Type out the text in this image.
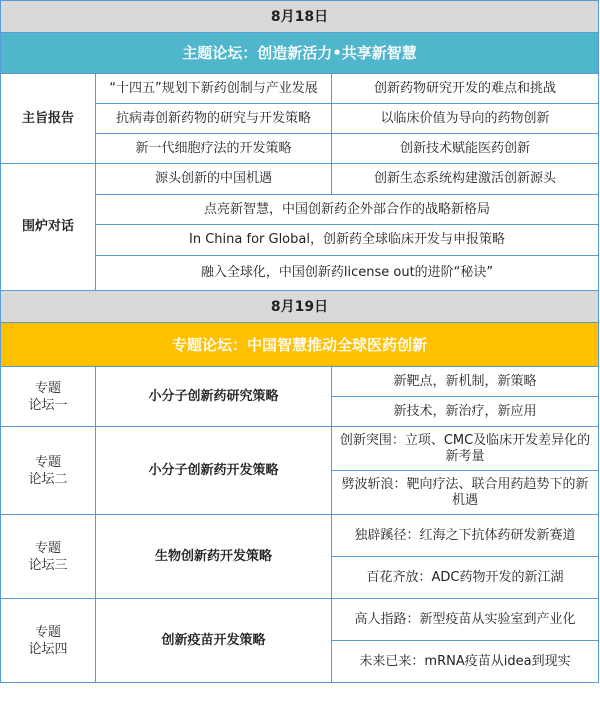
8月18日		
主题论坛：创造新活力•共享新智慧		
主旨报告	“十四五”规划下新药创制与产业发展	创新药物研究开发的难点和挑战
	抗病毒创新药物的研究与开发策略	以临床价值为导向的药物创新
	新一代细胞疗法的开发策略	创新技术赋能医药创新
围炉对话	源头创新的中国机遇	创新生态系统构建激活创新源头
	点亮新智慧，中国创新药企外部合作的战略新格局	
	In China for Global，创新药全球临床开发与申报策略	
	融入全球化，中国创新药license out的进阶“秘诀”	
8月19日		
专题论坛：中国智慧推动全球医药创新		

专题
论坛一	小分子创新药研究策略	新靶点，新机制，新策略
		新技术，新治疗，新应用

专题
论坛二	小分子创新药开发策略	创新突围：立项、CMC及临床开发差异化的新考量
		劈波斩浪：靶向疗法、联合用药趋势下的新机遇

专题
论坛三	生物创新药开发策略	独辟蹊径：红海之下抗体药研发新赛道
		百花齐放：ADC药物开发的新江湖

专题
论坛四	创新疫苗开发策略	高人指路：新型疫苗从实验室到产业化
		未来已来：mRNA疫苗从idea到现实
